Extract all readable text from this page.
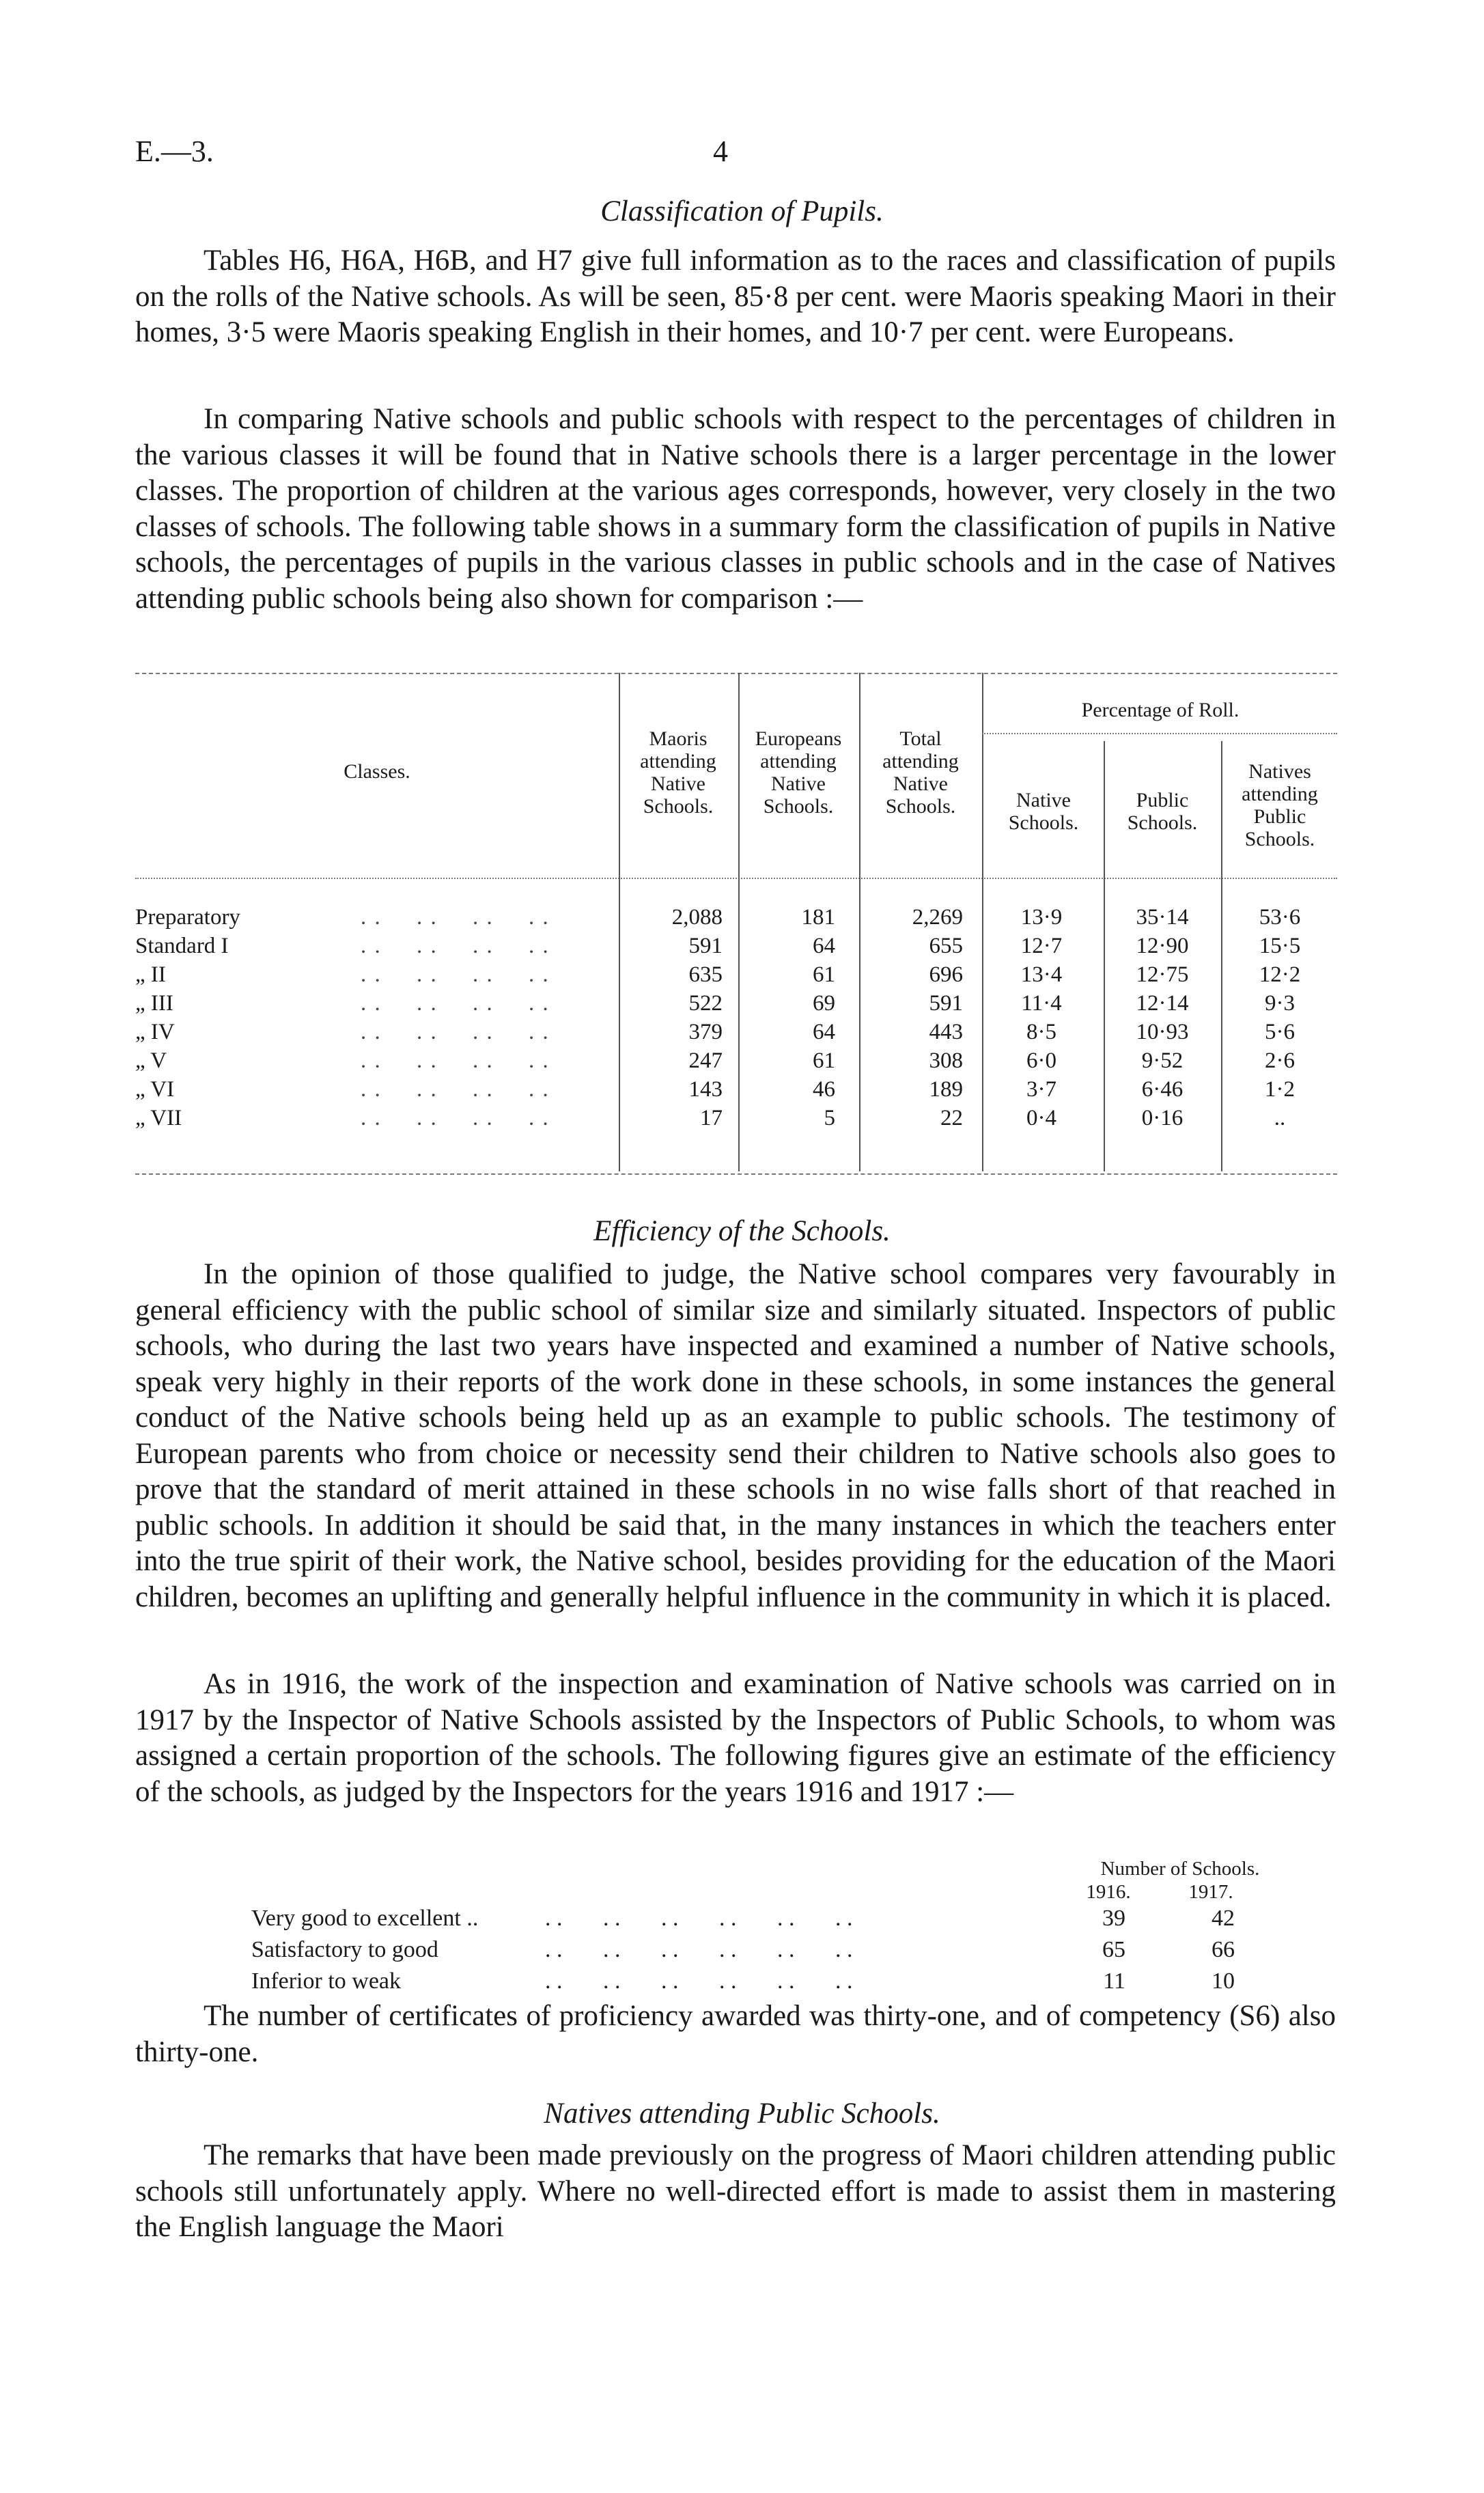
E.—3.	4
Classification of Pupils.
Tables H6, H6A, H6B, and H7 give full information as to the races and classification of pupils on the rolls of the Native schools. As will be seen, 85·8 per cent. were Maoris speaking Maori in their homes, 3·5 were Maoris speaking English in their homes, and 10·7 per cent. were Europeans.
In comparing Native schools and public schools with respect to the percentages of children in the various classes it will be found that in Native schools there is a larger percentage in the lower classes. The proportion of children at the various ages corresponds, however, very closely in the two classes of schools. The following table shows in a summary form the classification of pupils in Native schools, the percentages of pupils in the various classes in public schools and in the case of Natives attending public schools being also shown for comparison :—
Classes.
Maoris attending Native Schools.
Europeans attending Native Schools.
Total attending Native Schools.
Percentage of Roll.
Native Schools.
Public Schools.
Natives attending Public Schools.
Preparatory	. .     . .     . .     . .	2,088	181	2,269	13·9	35·14	53·6
Standard I	. .     . .     . .     . .	591	64	655	12·7	12·90	15·5
„ II	. .     . .     . .     . .	635	61	696	13·4	12·75	12·2
„ III	. .     . .     . .     . .	522	69	591	11·4	12·14	9·3
„ IV	. .     . .     . .     . .	379	64	443	8·5	10·93	5·6
„ V	. .     . .     . .     . .	247	61	308	6·0	9·52	2·6
„ VI	. .     . .     . .     . .	143	46	189	3·7	6·46	1·2
„ VII	. .     . .     . .     . .	17	5	22	0·4	0·16	..
Efficiency of the Schools.
In the opinion of those qualified to judge, the Native school compares very favourably in general efficiency with the public school of similar size and similarly situated. Inspectors of public schools, who during the last two years have inspected and examined a number of Native schools, speak very highly in their reports of the work done in these schools, in some instances the general conduct of the Native schools being held up as an example to public schools. The testimony of European parents who from choice or necessity send their children to Native schools also goes to prove that the standard of merit attained in these schools in no wise falls short of that reached in public schools. In addition it should be said that, in the many instances in which the teachers enter into the true spirit of their work, the Native school, besides providing for the education of the Maori children, becomes an uplifting and generally helpful influence in the community in which it is placed.
As in 1916, the work of the inspection and examination of Native schools was carried on in 1917 by the Inspector of Native Schools assisted by the Inspectors of Public Schools, to whom was assigned a certain proportion of the schools. The following figures give an estimate of the efficiency of the schools, as judged by the Inspectors for the years 1916 and 1917 :—
Number of Schools.
1916.	1917.
Very good to excellent ..	. .       . .       . .       . .       . .       . .	39	42
Satisfactory to good	. .       . .       . .       . .       . .       . .	65	66
Inferior to weak	. .       . .       . .       . .       . .       . .	11	10
The number of certificates of proficiency awarded was thirty-one, and of competency (S6) also thirty-one.
Natives attending Public Schools.
The remarks that have been made previously on the progress of Maori children attending public schools still unfortunately apply. Where no well-directed effort is made to assist them in mastering the English language the Maori
